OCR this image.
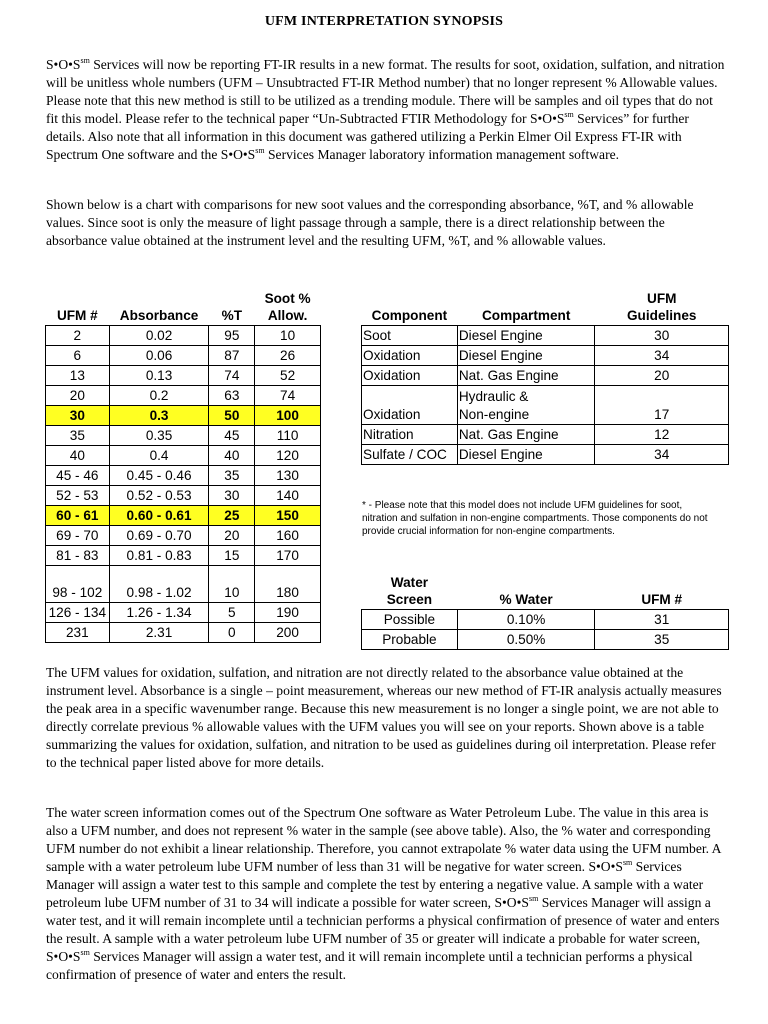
UFM INTERPRETATION SYNOPSIS

$S•O•S^{sm}$ Services will now be reporting FT-IR results in a new format. The results for soot, oxidation, sulfation, and nitration will be unitless whole numbers (UFM – Unsubtracted FT-IR Method number) that no longer represent % Allowable values. Please note that this new method is still to be utilized as a trending module. There will be samples and oil types that do not fit this model. Please refer to the technical paper “Un-Subtracted FTIR Methodology for $S•O•S^{sm}$ Services” for further details. Also note that all information in this document was gathered utilizing a Perkin Elmer Oil Express FT-IR with Spectrum One software and the $S•O•S^{sm}$ Services Manager laboratory information management software.

Shown below is a chart with comparisons for new soot values and the corresponding absorbance, %T, and % allowable values. Since soot is only the measure of light passage through a sample, there is a direct relationship between the absorbance value obtained at the instrument level and the resulting UFM, %T, and % allowable values.

UFM #	Absorbance	%T	Soot %
Allow.
2	0.02	95	10
6	0.06	87	26
13	0.13	74	52
20	0.2	63	74
30	0.3	50	100
35	0.35	45	110
40	0.4	40	120
45 - 46	0.45 - 0.46	35	130
52 - 53	0.52 - 0.53	30	140
60 - 61	0.60 - 0.61	25	150
69 - 70	0.69 - 0.70	20	160
81 - 83	0.81 - 0.83	15	170
98 - 102	0.98 - 1.02	10	180
126 - 134	1.26 - 1.34	5	190
231	2.31	0	200
Component	Compartment	UFM
Guidelines
Soot	Diesel Engine	30
Oxidation	Diesel Engine	34
Oxidation	Nat. Gas Engine	20
Oxidation	Hydraulic &
Non-engine	17
Nitration	Nat. Gas Engine	12
Sulfate / COC	Diesel Engine	34

* - Please note that this model does not include UFM guidelines for soot, nitration and sulfation in non-engine compartments. Those components do not provide crucial information for non-engine compartments.

Water
Screen	% Water	UFM #
Possible	0.10%	31
Probable	0.50%	35

The UFM values for oxidation, sulfation, and nitration are not directly related to the absorbance value obtained at the instrument level. Absorbance is a single – point measurement, whereas our new method of FT-IR analysis actually measures the peak area in a specific wavenumber range. Because this new measurement is no longer a single point, we are not able to directly correlate previous % allowable values with the UFM values you will see on your reports. Shown above is a table summarizing the values for oxidation, sulfation, and nitration to be used as guidelines during oil interpretation. Please refer to the technical paper listed above for more details.

The water screen information comes out of the Spectrum One software as Water Petroleum Lube. The value in this area is also a UFM number, and does not represent % water in the sample (see above table). Also, the % water and corresponding UFM number do not exhibit a linear relationship. Therefore, you cannot extrapolate % water data using the UFM number. A sample with a water petroleum lube UFM number of less than 31 will be negative for water screen. $S•O•S^{sm}$ Services Manager will assign a water test to this sample and complete the test by entering a negative value. A sample with a water petroleum lube UFM number of 31 to 34 will indicate a possible for water screen, $S•O•S^{sm}$ Services Manager will assign a water test, and it will remain incomplete until a technician performs a physical confirmation of presence of water and enters the result. A sample with a water petroleum lube UFM number of 35 or greater will indicate a probable for water screen, $S•O•S^{sm}$ Services Manager will assign a water test, and it will remain incomplete until a technician performs a physical confirmation of presence of water and enters the result.
